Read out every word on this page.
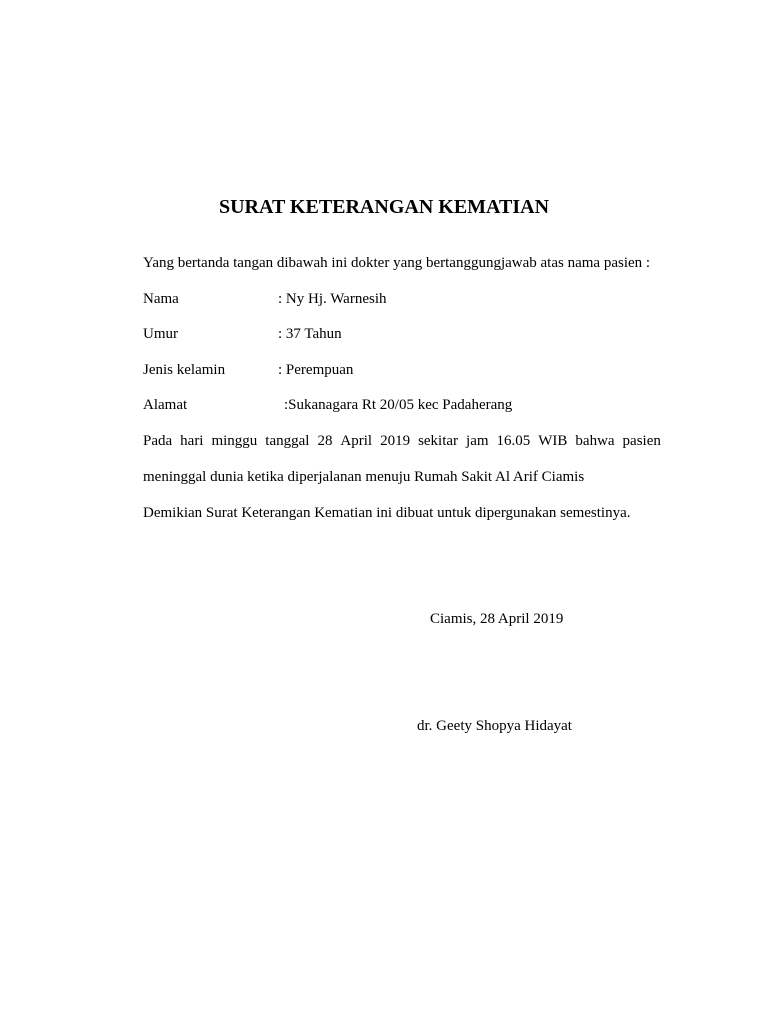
SURAT KETERANGAN KEMATIAN
Yang bertanda tangan dibawah ini dokter yang bertanggungjawab atas nama pasien :
Nama	: Ny Hj. Warnesih
Umur	: 37 Tahun
Jenis kelamin	: Perempuan
Alamat	:Sukanagara Rt 20/05 kec Padaherang
Pada hari minggu tanggal 28 April 2019 sekitar jam 16.05 WIB bahwa pasien
meninggal dunia ketika diperjalanan menuju Rumah Sakit Al Arif Ciamis
Demikian Surat Keterangan Kematian ini dibuat untuk dipergunakan semestinya.
Ciamis, 28 April 2019
dr. Geety Shopya Hidayat
